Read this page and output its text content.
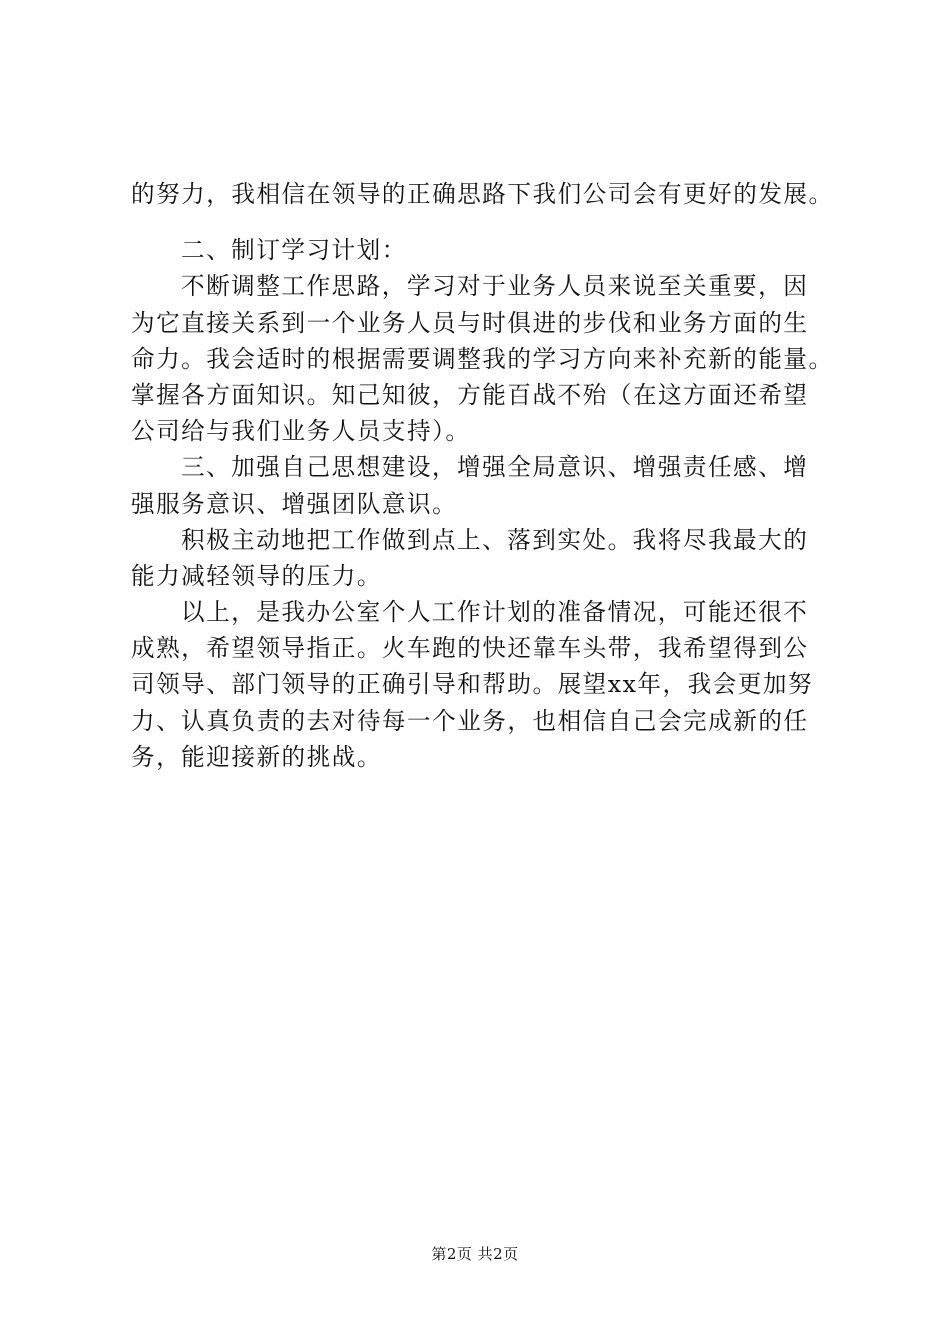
的努力，我相信在领导的正确思路下我们公司会有更好的发展。
二、制订学习计划：
不断调整工作思路，学习对于业务人员来说至关重要，因
为它直接关系到一个业务人员与时俱进的步伐和业务方面的生
命力。我会适时的根据需要调整我的学习方向来补充新的能量。
掌握各方面知识。知己知彼，方能百战不殆（在这方面还希望
公司给与我们业务人员支持）。
三、加强自己思想建设，增强全局意识、增强责任感、增
强服务意识、增强团队意识。
积极主动地把工作做到点上、落到实处。我将尽我最大的
能力减轻领导的压力。
以上，是我办公室个人工作计划的准备情况，可能还很不
成熟，希望领导指正。火车跑的快还靠车头带，我希望得到公
司领导、部门领导的正确引导和帮助。展望xx年，我会更加努
力、认真负责的去对待每一个业务，也相信自己会完成新的任
务，能迎接新的挑战。
第2页 共2页
